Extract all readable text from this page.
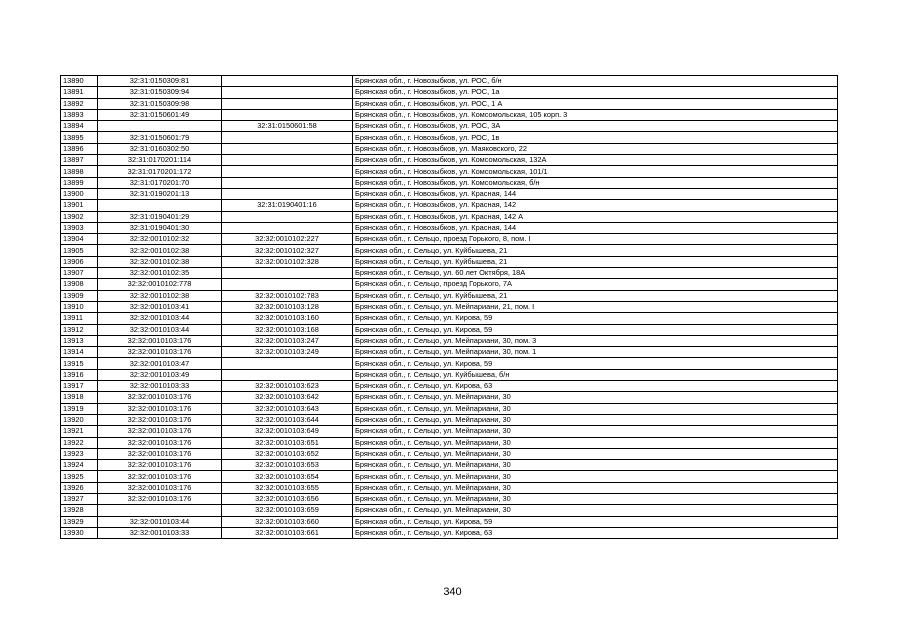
13890	32:31:0150309:81		Брянская обл., г. Новозыбков, ул. РОС, б/н
13891	32:31:0150309:94		Брянская обл., г. Новозыбков, ул. РОС, 1а
13892	32:31:0150309:98		Брянская обл., г. Новозыбков, ул. РОС, 1 А
13893	32:31:0150601:49		Брянская обл., г. Новозыбков, ул. Комсомольская, 105 корп. 3
13894		32:31:0150601:58	Брянская обл., г. Новозыбков, ул. РОС, 3А
13895	32:31:0150601:79		Брянская обл., г. Новозыбков, ул. РОС, 1в
13896	32:31:0160302:50		Брянская обл., г. Новозыбков, ул. Маяковского, 22
13897	32:31:0170201:114		Брянская обл., г. Новозыбков, ул. Комсомольская, 132А
13898	32:31:0170201:172		Брянская обл., г. Новозыбков, ул. Комсомольская, 101/1
13899	32:31:0170201:70		Брянская обл., г. Новозыбков, ул. Комсомольская, б/н
13900	32:31:0190201:13		Брянская обл., г. Новозыбков, ул. Красная, 144
13901		32:31:0190401:16	Брянская обл., г. Новозыбков, ул. Красная, 142
13902	32:31:0190401:29		Брянская обл., г. Новозыбков, ул. Красная, 142 А
13903	32:31:0190401:30		Брянская обл., г. Новозыбков, ул. Красная, 144
13904	32:32:0010102:32	32:32:0010102:227	Брянская обл., г. Сельцо, проезд Горького, 8, пом. I
13905	32:32:0010102:38	32:32:0010102:327	Брянская обл., г. Сельцо, ул. Куйбышева, 21
13906	32:32:0010102:38	32:32:0010102:328	Брянская обл., г. Сельцо, ул. Куйбышева, 21
13907	32:32:0010102:35		Брянская обл., г. Сельцо, ул. 60 лет Октября, 18А
13908	32:32:0010102:778		Брянская обл., г. Сельцо, проезд Горького, 7А
13909	32:32:0010102:38	32:32:0010102:783	Брянская обл., г. Сельцо, ул. Куйбышева, 21
13910	32:32:0010103:41	32:32:0010103:128	Брянская обл., г. Сельцо, ул. Мейпариани, 21, пом. I
13911	32:32:0010103:44	32:32:0010103:160	Брянская обл., г. Сельцо, ул. Кирова, 59
13912	32:32:0010103:44	32:32:0010103:168	Брянская обл., г. Сельцо, ул. Кирова, 59
13913	32:32:0010103:176	32:32:0010103:247	Брянская обл., г. Сельцо, ул. Мейпариани, 30, пом. 3
13914	32:32:0010103:176	32:32:0010103:249	Брянская обл., г. Сельцо, ул. Мейпариани, 30, пом. 1
13915	32:32:0010103:47		Брянская обл., г. Сельцо, ул. Кирова, 59
13916	32:32:0010103:49		Брянская обл., г. Сельцо, ул. Куйбышева, б/н
13917	32:32:0010103:33	32:32:0010103:623	Брянская обл., г. Сельцо, ул. Кирова, 63
13918	32:32:0010103:176	32:32:0010103:642	Брянская обл., г. Сельцо, ул. Мейпариани, 30
13919	32:32:0010103:176	32:32:0010103:643	Брянская обл., г. Сельцо, ул. Мейпариани, 30
13920	32:32:0010103:176	32:32:0010103:644	Брянская обл., г. Сельцо, ул. Мейпариани, 30
13921	32:32:0010103:176	32:32:0010103:649	Брянская обл., г. Сельцо, ул. Мейпариани, 30
13922	32:32:0010103:176	32:32:0010103:651	Брянская обл., г. Сельцо, ул. Мейпариани, 30
13923	32:32:0010103:176	32:32:0010103:652	Брянская обл., г. Сельцо, ул. Мейпариани, 30
13924	32:32:0010103:176	32:32:0010103:653	Брянская обл., г. Сельцо, ул. Мейпариани, 30
13925	32:32:0010103:176	32:32:0010103:654	Брянская обл., г. Сельцо, ул. Мейпариани, 30
13926	32:32:0010103:176	32:32:0010103:655	Брянская обл., г. Сельцо, ул. Мейпариани, 30
13927	32:32:0010103:176	32:32:0010103:656	Брянская обл., г. Сельцо, ул. Мейпариани, 30
13928		32:32:0010103:659	Брянская обл., г. Сельцо, ул. Мейпариани, 30
13929	32:32:0010103:44	32:32:0010103:660	Брянская обл., г. Сельцо, ул. Кирова, 59
13930	32:32:0010103:33	32:32:0010103:661	Брянская обл., г. Сельцо, ул. Кирова, 63
340
